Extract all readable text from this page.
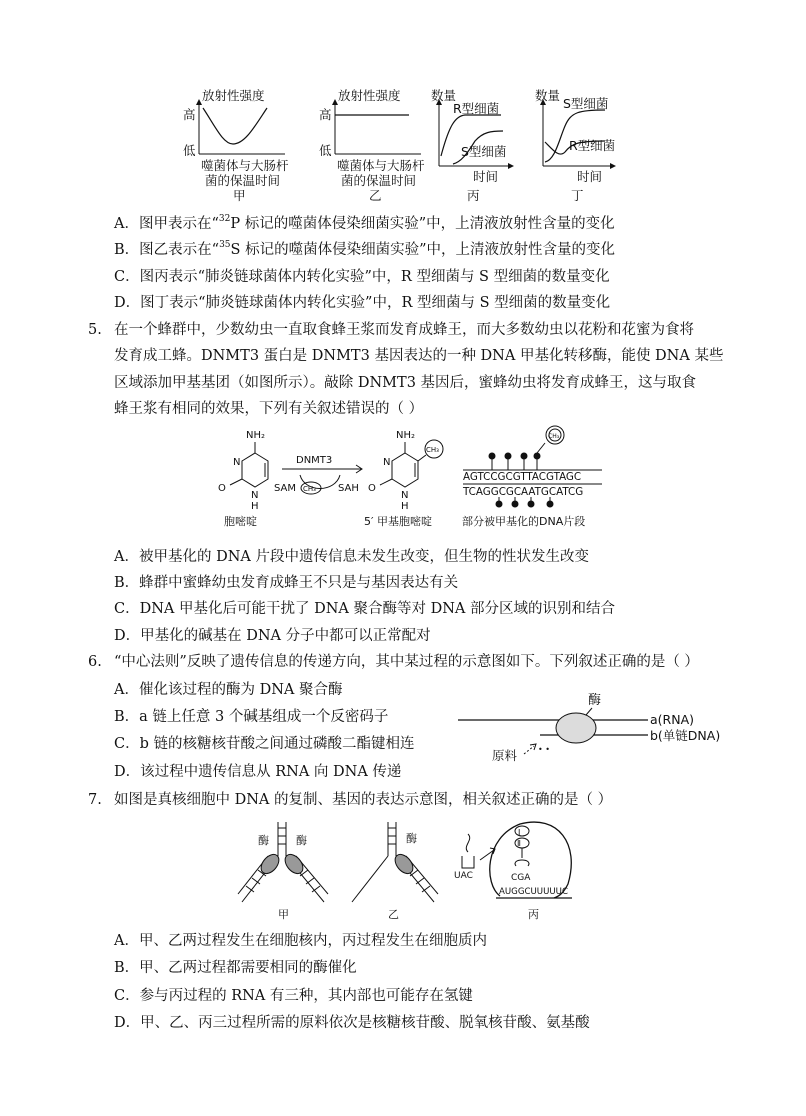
放射性强度
高
低
噬菌体与大肠杆
菌的保温时间
甲
放射性强度
高
低
噬菌体与大肠杆
菌的保温时间
乙
数量
R型细菌
S型细菌
时间
丙
数量
S型细菌
R型细菌
时间
丁
A．图甲表示在“$^{32}$P 标记的噬菌体侵染细菌实验”中，上清液放射性含量的变化
B．图乙表示在“$^{35}$S 标记的噬菌体侵染细菌实验”中，上清液放射性含量的变化
C．图丙表示“肺炎链球菌体内转化实验”中，R 型细菌与 S 型细菌的数量变化
D．图丁表示“肺炎链球菌体内转化实验”中，R 型细菌与 S 型细菌的数量变化
5. 在一个蜂群中，少数幼虫一直取食蜂王浆而发育成蜂王，而大多数幼虫以花粉和花蜜为食将
发育成工蜂。DNMT3 蛋白是 DNMT3 基因表达的一种 DNA 甲基化转移酶，能使 DNA 某些
区域添加甲基基团（如图所示）。敲除 DNMT3 基因后，蜜蜂幼虫将发育成蜂王，这与取食
蜂王浆有相同的效果，下列有关叙述错误的（ ）
NH₂
N
N
H
O
胞嘧啶
DNMT3
SAM CH₃ SAH
NH₂
CH₃
N
N
H
O
5′ 甲基胞嘧啶
CH₃
AGTCCGCGTTACGTAGC
TCAGGCGCAATGCATCG
部分被甲基化的DNA片段
A．被甲基化的 DNA 片段中遗传信息未发生改变，但生物的性状发生改变
B．蜂群中蜜蜂幼虫发育成蜂王不只是与基因表达有关
C．DNA 甲基化后可能干扰了 DNA 聚合酶等对 DNA 部分区域的识别和结合
D．甲基化的碱基在 DNA 分子中都可以正常配对
6. “中心法则”反映了遗传信息的传递方向，其中某过程的示意图如下。下列叙述正确的是（ ）
A．催化该过程的酶为 DNA 聚合酶
B．a 链上任意 3 个碱基组成一个反密码子
C．b 链的核糖核苷酸之间通过磷酸二酯键相连
D．该过程中遗传信息从 RNA 向 DNA 传递
酶
a(RNA)
b(单链DNA)
原料	• •
7. 如图是真核细胞中 DNA 的复制、基因的表达示意图，相关叙述正确的是（ ）
酶 酶
甲
酶
乙
Ⅰ
Ⅱ
CGA
AUGGCUUUUUC
UAC
丙
A．甲、乙两过程发生在细胞核内，丙过程发生在细胞质内
B．甲、乙两过程都需要相同的酶催化
C．参与丙过程的 RNA 有三种，其内部也可能存在氢键
D．甲、乙、丙三过程所需的原料依次是核糖核苷酸、脱氧核苷酸、氨基酸
